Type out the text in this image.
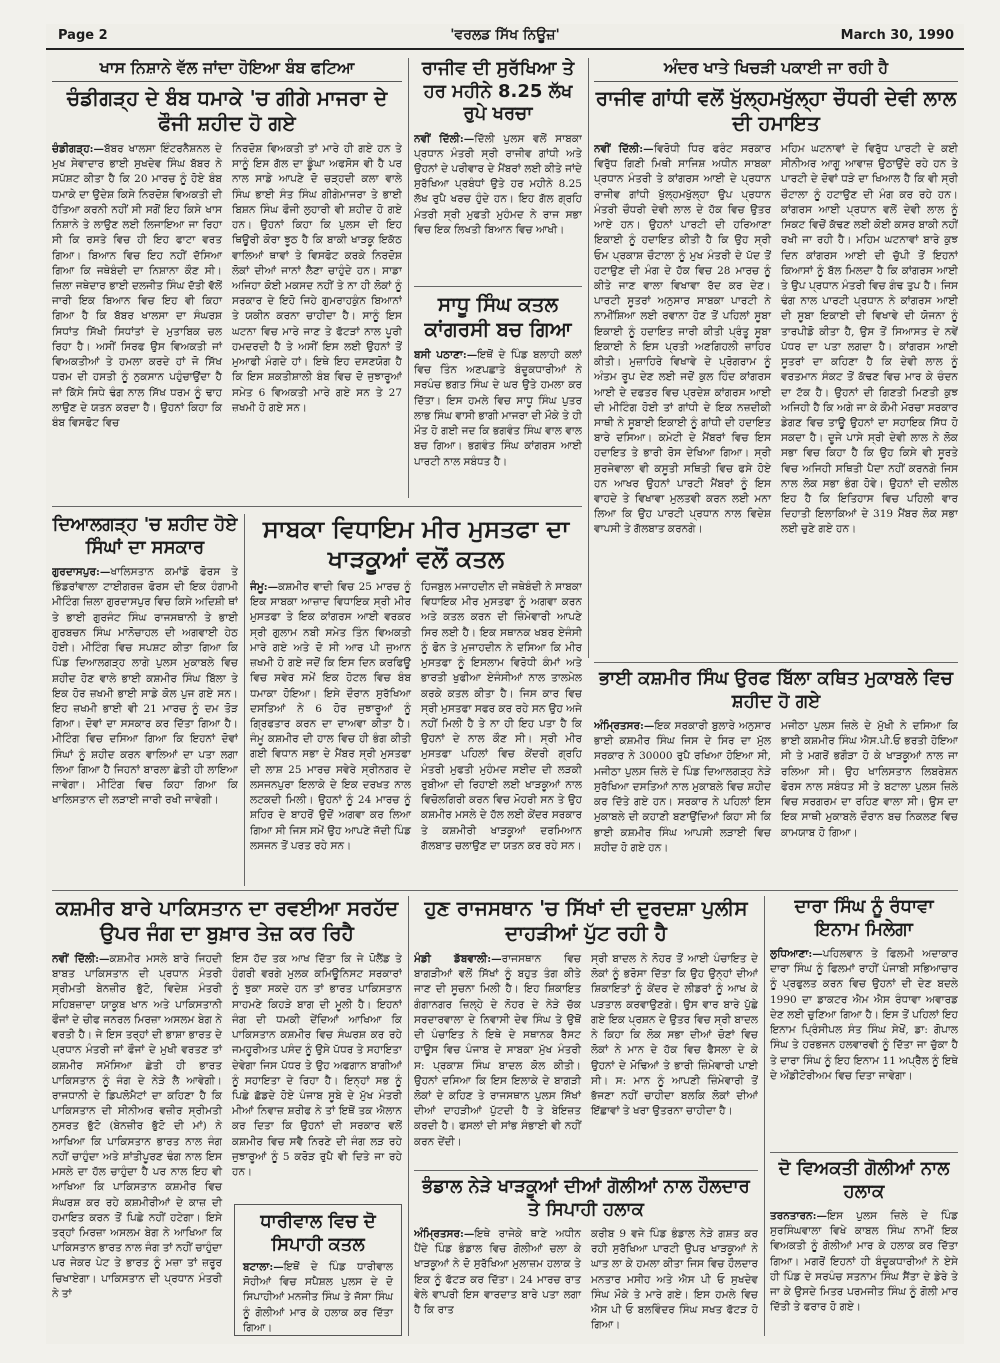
Page 2	'ਵਰਲਡ ਸਿੱਖ ਨਿਊਜ਼'	March 30, 1990
ਖਾਸ ਨਿਸ਼ਾਨੇ ਵੱਲ ਜਾਂਦਾ ਹੋਇਆ ਬੰਬ ਫਟਿਆ
ਚੰਡੀਗੜ੍ਹ ਦੇ ਬੰਬ ਧਮਾਕੇ 'ਚ ਗੀਗੇ ਮਾਜਰਾ ਦੇ ਫੌਜੀ ਸ਼ਹੀਦ ਹੋ ਗਏ

ਚੰਡੀਗੜ੍ਹ:—ਬੱਬਰ ਖਾਲਸਾ ਇੰਟਰਨੈਸ਼ਨਲ ਦੇ ਮੁਖ ਸੇਵਾਦਾਰ ਭਾਈ ਸੁਖਦੇਵ ਸਿੰਘ ਬੱਬਰ ਨੇ ਸਪੱਸ਼ਟ ਕੀਤਾ ਹੈ ਕਿ 20 ਮਾਰਚ ਨੂੰ ਹੋਏ ਬੰਬ ਧਮਾਕੇ ਦਾ ਉਦੇਸ਼ ਕਿਸੇ ਨਿਰਦੋਸ਼ ਵਿਅਕਤੀ ਦੀ ਹੱਤਿਆ ਕਰਨੀ ਨਹੀਂ ਸੀ ਸਗੋਂ ਇਹ ਕਿਸੇ ਖਾਸ ਨਿਸ਼ਾਨੇ ਤੇ ਲਾਉਣ ਲਈ ਲਿਜਾਇਆ ਜਾ ਰਿਹਾ ਸੀ ਕਿ ਰਸਤੇ ਵਿਚ ਹੀ ਇਹ ਫਾਟਾ ਵਰਤ ਗਿਆ। ਬਿਆਨ ਵਿਚ ਇਹ ਨਹੀਂ ਦੱਸਿਆ ਗਿਆ ਕਿ ਜਥੇਬੰਦੀ ਦਾ ਨਿਸ਼ਾਨਾ ਕੌਣ ਸੀ। ਜ਼ਿਲਾ ਜਥੇਦਾਰ ਭਾਈ ਦਲਜੀਤ ਸਿੰਘ ਦੱਤੀ ਵੱਲੋਂ ਜਾਰੀ ਇਕ ਬਿਆਨ ਵਿਚ ਇਹ ਵੀ ਕਿਹਾ ਗਿਆ ਹੈ ਕਿ ਬੱਬਰ ਖਾਲਸਾ ਦਾ ਸੰਘਰਸ਼ ਸਿਧਾਂਤ ਸਿੱਖੀ ਸਿਧਾਂਤਾਂ ਦੇ ਮੁਤਾਬਿਕ ਚਲ ਰਿਹਾ ਹੈ। ਅਸੀਂ ਸਿਰਫ ਉਸ ਵਿਅਕਤੀ ਜਾਂ ਵਿਅਕਤੀਆਂ ਤੇ ਹਮਲਾ ਕਰਦੇ ਹਾਂ ਜੋ ਸਿੱਖ ਧਰਮ ਦੀ ਹਸਤੀ ਨੂੰ ਨੁਕਸਾਨ ਪਹੁੰਚਾਉਂਦਾ ਹੈ ਜਾਂ ਕਿੱਸੇ ਸਿਧੇ ਢੰਗ ਨਾਲ ਸਿੱਖ ਧਰਮ ਨੂੰ ਢਾਹ ਲਾਉਣ ਦੇ ਯਤਨ ਕਰਦਾ ਹੈ। ਉਹਨਾਂ ਕਿਹਾ ਕਿ ਬੰਬ ਵਿਸਫੋਟ ਵਿਚ

ਨਿਰਦੋਸ਼ ਵਿਅਕਤੀ ਤਾਂ ਮਾਰੇ ਹੀ ਗਏ ਹਨ ਤੇ ਸਾਨੂੰ ਇਸ ਗੱਲ ਦਾ ਡੂੰਘਾ ਅਫਸੋਸ ਵੀ ਹੈ ਪਰ ਨਾਲ ਸਾਡੇ ਆਪਣੇ ਦੋ ਚੜ੍ਹਦੀ ਕਲਾ ਵਾਲੇ ਸਿੰਘ ਭਾਈ ਸੰਤ ਸਿੰਘ ਗੀਗੇਮਾਜਰਾ ਤੇ ਭਾਈ ਬਿਸ਼ਨ ਸਿੰਘ ਫੌਜੀ ਲੁਹਾਰੀ ਵੀ ਸ਼ਹੀਦ ਹੋ ਗਏ ਹਨ। ਉਹਨਾਂ ਕਿਹਾ ਕਿ ਪੁਲਸ ਦੀ ਇਹ ਥਿਊਰੀ ਕੋਰਾ ਝੂਠ ਹੈ ਕਿ ਬਾਕੀ ਖਾੜਕੂ ਇਕੱਠ ਵਾਲਿਆਂ ਥਾਵਾਂ ਤੇ ਵਿਸਫੋਟ ਕਰਕੇ ਨਿਰਦੋਸ਼ ਲੋਕਾਂ ਦੀਆਂ ਜਾਨਾਂ ਲੈਣਾ ਚਾਹੁੰਦੇ ਹਨ। ਸਾਡਾ ਅਜਿਹਾ ਕੋਈ ਮਕਸਦ ਨਹੀਂ ਤੇ ਨਾ ਹੀ ਲੋਕਾਂ ਨੂੰ ਸਰਕਾਰ ਦੇ ਇਹੋ ਜਿਹੇ ਗੁਮਰਾਹਕੁੰਨ ਬਿਆਨਾਂ ਤੇ ਯਕੀਨ ਕਰਨਾ ਚਾਹੀਦਾ ਹੈ। ਸਾਨੂੰ ਇਸ ਘਟਨਾ ਵਿਚ ਮਾਰੇ ਜਾਣ ਤੇ ਫੱਟੜਾਂ ਨਾਲ ਪੂਰੀ ਹਮਦਰਦੀ ਹੈ ਤੇ ਅਸੀਂ ਇਸ ਲਈ ਉਹਨਾਂ ਤੋਂ ਮੁਆਫੀ ਮੰਗਦੇ ਹਾਂ। ਇਥੇ ਇਹ ਦਸਣਯੋਗ ਹੈ ਕਿ ਇਸ ਸ਼ਕਤੀਸ਼ਾਲੀ ਬੰਬ ਵਿਚ ਦੋ ਜੁਝਾਰੂਆਂ ਸਮੇਤ 6 ਵਿਅਕਤੀ ਮਾਰੇ ਗਏ ਸਨ ਤੇ 27 ਜ਼ਖਮੀ ਹੋ ਗਏ ਸਨ।

ਰਾਜੀਵ ਦੀ ਸੁਰੱਖਿਆ ਤੇ ਹਰ ਮਹੀਨੇ 8.25 ਲੱਖ ਰੁਪੇ ਖਰਚਾ

ਨਵੀਂ ਦਿੱਲੀ:—ਦਿੱਲੀ ਪੁਲਸ ਵਲੋਂ ਸਾਬਕਾ ਪ੍ਰਧਾਨ ਮੰਤਰੀ ਸ੍ਰੀ ਰਾਜੀਵ ਗਾਂਧੀ ਅਤੇ ਉਹਨਾਂ ਦੇ ਪਰੀਵਾਰ ਦੇ ਮੈਂਬਰਾਂ ਲਈ ਕੀਤੇ ਜਾਂਦੇ ਸੁਰੱਖਿਆ ਪ੍ਰਬੰਧਾਂ ਉਤੇ ਹਰ ਮਹੀਨੇ 8.25 ਲੱਖ ਰੁਪੈ ਖਰਚ ਹੁੰਦੇ ਹਨ। ਇਹ ਗੱਲ ਗ੍ਰਹਿ ਮੰਤਰੀ ਸ੍ਰੀ ਮੁਫਤੀ ਮੁਹੰਮਦ ਨੇ ਰਾਜ ਸਭਾ ਵਿਚ ਇਕ ਲਿਖਤੀ ਬਿਆਨ ਵਿਚ ਆਖੀ।

ਸਾਧੂ ਸਿੰਘ ਕਤਲ ਕਾਂਗਰਸੀ ਬਚ ਗਿਆ

ਬਸੀ ਪਠਾਣਾ:—ਇਥੋਂ ਦੇ ਪਿੰਡ ਬਲਾਹੀ ਕਲਾਂ ਵਿਚ ਤਿੰਨ ਅਣਪਛਾਤੇ ਬੰਦੂਕਧਾਰੀਆਂ ਨੇ ਸਰਪੰਚ ਭਗਤ ਸਿੰਘ ਦੇ ਘਰ ਉਤੇ ਹਮਲਾ ਕਰ ਦਿੱਤਾ। ਇਸ ਹਮਲੇ ਵਿਚ ਸਾਧੂ ਸਿੰਘ ਪੁਤਰ ਲਾਭ ਸਿੰਘ ਵਾਸੀ ਭਾਗੀ ਮਾਜਰਾ ਦੀ ਮੌਕੇ ਤੇ ਹੀ ਮੌਤ ਹੋ ਗਈ ਜਦ ਕਿ ਭਗਵੰਤ ਸਿੰਘ ਵਾਲ ਵਾਲ ਬਚ ਗਿਆ। ਭਗਵੰਤ ਸਿੰਘ ਕਾਂਗਰਸ ਆਈ ਪਾਰਟੀ ਨਾਲ ਸਬੰਧਤ ਹੈ।

ਅੰਦਰ ਖਾਤੇ ਖਿਚੜੀ ਪਕਾਈ ਜਾ ਰਹੀ ਹੈ
ਰਾਜੀਵ ਗਾਂਧੀ ਵਲੋਂ ਖੁੱਲ੍ਹਮਖੁੱਲ੍ਹਾ ਚੌਧਰੀ ਦੇਵੀ ਲਾਲ ਦੀ ਹਮਾਇਤ

ਨਵੀਂ ਦਿੱਲੀ:—ਵਿਰੋਧੀ ਧਿਰ ਫਰੰਟ ਸਰਕਾਰ ਵਿਰੁੱਧ ਗਿਣੀ ਮਿਥੀ ਸਾਜਿਸ਼ ਅਧੀਨ ਸਾਬਕਾ ਪ੍ਰਧਾਨ ਮੰਤਰੀ ਤੇ ਕਾਂਗਰਸ ਆਈ ਦੇ ਪ੍ਰਧਾਨ ਰਾਜੀਵ ਗਾਂਧੀ ਖੁੱਲ੍ਹਮਖੁੱਲ੍ਹਾ ਉਪ ਪ੍ਰਧਾਨ ਮੰਤਰੀ ਚੌਧਰੀ ਦੇਵੀ ਲਾਲ ਦੇ ਹੱਕ ਵਿਚ ਉਤਰ ਆਏ ਹਨ। ਉਹਨਾਂ ਪਾਰਟੀ ਦੀ ਹਰਿਆਣਾ ਇਕਾਈ ਨੂੰ ਹਦਾਇਤ ਕੀਤੀ ਹੈ ਕਿ ਉਹ ਸ੍ਰੀ ਓਮ ਪ੍ਰਕਾਸ਼ ਚੌਟਾਲਾ ਨੂੰ ਮੁਖ ਮੰਤਰੀ ਦੇ ਪੱਦ ਤੋਂ ਹਟਾਉਣ ਦੀ ਮੰਗ ਦੇ ਹੱਕ ਵਿਚ 28 ਮਾਰਚ ਨੂੰ ਕੀਤੇ ਜਾਣ ਵਾਲਾ ਵਿਖਾਵਾ ਰੱਦ ਕਰ ਦੇਣ। ਪਾਰਟੀ ਸੂਤਰਾਂ ਅਨੁਸਾਰ ਸਾਬਕਾ ਪਾਰਟੀ ਨੇ ਨਾਮੀਂਸ਼ਿਆ ਲਈ ਰਵਾਨਾ ਹੋਣ ਤੋਂ ਪਹਿਲਾਂ ਸੂਬਾ ਇਕਾਈ ਨੂੰ ਹਦਾਇਤ ਜਾਰੀ ਕੀਤੀ ਪ੍ਰੰਤੂ ਸੂਬਾ ਇਕਾਈ ਨੇ ਇਸ ਪ੍ਰਤੀ ਅਣਗਿਹਲੀ ਜ਼ਾਹਿਰ ਕੀਤੀ। ਮੁਜ਼ਾਹਿਰੇ ਵਿਖਾਵੇ ਦੇ ਪ੍ਰੋਗਰਾਮ ਨੂੰ ਅੰਤਮ ਰੂਪ ਦੇਣ ਲਈ ਜਦੋਂ ਕੁਲ ਹਿੰਦ ਕਾਂਗਰਸ ਆਈ ਦੇ ਦਫਤਰ ਵਿਚ ਪ੍ਰਦੇਸ਼ ਕਾਂਗਰਸ ਆਈ ਦੀ ਮੀਟਿੰਗ ਹੋਈ ਤਾਂ ਗਾਂਧੀ ਦੇ ਇਕ ਨਜ਼ਦੀਕੀ ਸਾਥੀ ਨੇ ਸੂਬਾਈ ਇਕਾਈ ਨੂੰ ਗਾਂਧੀ ਦੀ ਹਦਾਇਤ ਬਾਰੇ ਦਸਿਆ। ਕਮੇਟੀ ਦੇ ਮੈਂਬਰਾਂ ਵਿਚ ਇਸ ਹਦਾਇਤ ਤੇ ਭਾਰੀ ਰੋਸ ਦੇਖਿਆ ਗਿਆ। ਸ੍ਰੀ ਸੁਰਜੇਵਾਲਾ ਵੀ ਕਸੂਤੀ ਸਥਿਤੀ ਵਿਚ ਫਸੇ ਹੋਏ ਹਨ ਆਖਰ ਉਹਨਾਂ ਪਾਰਟੀ ਮੈਂਬਰਾਂ ਨੂੰ ਇਸ ਵਾਹਦੇ ਤੇ ਵਿਖਾਵਾ ਮੁਲਤਵੀ ਕਰਨ ਲਈ ਮਨਾ ਲਿਆ ਕਿ ਉਹ ਪਾਰਟੀ ਪ੍ਰਧਾਨ ਨਾਲ ਵਿਦੇਸ਼ ਵਾਪਸੀ ਤੇ ਗੱਲਬਾਤ ਕਰਨਗੇ।

ਮਹਿਮ ਘਟਨਾਵਾਂ ਦੇ ਵਿਰੁੱਧ ਪਾਰਟੀ ਦੇ ਕਈ ਸੀਨੀਅਰ ਆਗੂ ਆਵਾਜ਼ ਉਠਾਉਂਦੇ ਰਹੇ ਹਨ ਤੇ ਪਾਰਟੀ ਦੇ ਦੋਵਾਂ ਧੜੇ ਦਾ ਖਿਆਲ ਹੈ ਕਿ ਵੀ ਸ੍ਰੀ ਚੌਟਾਲਾ ਨੂੰ ਹਟਾਉਣ ਦੀ ਮੰਗ ਕਰ ਰਹੇ ਹਨ। ਕਾਂਗਰਸ ਆਈ ਪ੍ਰਧਾਨ ਵਲੋਂ ਦੇਵੀ ਲਾਲ ਨੂੰ ਸਿਕਟ ਵਿਚੋਂ ਕੱਢਣ ਲਈ ਕੋਈ ਕਸਰ ਬਾਕੀ ਨਹੀਂ ਰਖੀ ਜਾ ਰਹੀ ਹੈ। ਮਹਿਮ ਘਟਨਾਵਾਂ ਬਾਰੇ ਕੁਝ ਦਿਨ ਕਾਂਗਰਸ ਆਈ ਦੀ ਚੁੱਪੀ ਤੋਂ ਇਹਨਾਂ ਕਿਆਸਾਂ ਨੂੰ ਬੱਲ ਮਿਲਦਾ ਹੈ ਕਿ ਕਾਂਗਰਸ ਆਈ ਤੇ ਉਪ ਪ੍ਰਧਾਨ ਮੰਤਰੀ ਵਿਚ ਗੰਢ ਤੁਪ ਹੈ। ਜਿਸ ਢੰਗ ਨਾਲ ਪਾਰਟੀ ਪ੍ਰਧਾਨ ਨੇ ਕਾਂਗਰਸ ਆਈ ਦੀ ਸੂਬਾ ਇਕਾਈ ਦੀ ਵਿਖਾਵੇ ਦੀ ਯੋਜਨਾ ਨੂੰ ਤਾਰਪੀਡੋ ਕੀਤਾ ਹੈ, ਉਸ ਤੋਂ ਸਿਆਸਤ ਦੇ ਨਵੇਂ ਪੱਧਰ ਦਾ ਪਤਾ ਲਗਦਾ ਹੈ। ਕਾਂਗਰਸ ਆਈ ਸੂਤਰਾਂ ਦਾ ਕਹਿਣਾ ਹੈ ਕਿ ਦੇਵੀ ਲਾਲ ਨੂੰ ਵਰਤਮਾਨ ਸੰਕਟ ਤੋਂ ਕੱਢਣ ਵਿਚ ਮਾਰ ਕੇ ਚੰਦਨ ਦਾ ਟੱਕ ਹੈ। ਉਹਨਾਂ ਦੀ ਗਿਣਤੀ ਮਿਣਤੀ ਕੁਝ ਅਜਿਹੀ ਹੈ ਕਿ ਅਗੇ ਜਾ ਕੇ ਕੌਮੀ ਮੋਰਚਾ ਸਰਕਾਰ ਡੇਗਣ ਵਿਚ ਤਾਊ ਉਹਨਾਂ ਦਾ ਸਹਾਇਕ ਸਿੱਧ ਹੋ ਸਕਦਾ ਹੈ। ਦੂਜੇ ਪਾਸੇ ਸ੍ਰੀ ਦੇਵੀ ਲਾਲ ਨੇ ਲੋਕ ਸਭਾ ਵਿਚ ਕਿਹਾ ਹੈ ਕਿ ਉਹ ਕਿਸੇ ਵੀ ਸੂਰਤੇ ਵਿਚ ਅਜਿਹੀ ਸਥਿਤੀ ਪੈਦਾ ਨਹੀਂ ਕਰਨਗੇ ਜਿਸ ਨਾਲ ਲੋਕ ਸਭਾ ਭੰਗ ਹੋਵੇ। ਉਹਨਾਂ ਦੀ ਦਲੀਲ ਇਹ ਹੈ ਕਿ ਇਤਿਹਾਸ ਵਿਚ ਪਹਿਲੀ ਵਾਰ ਦਿਹਾਤੀ ਇਲਾਕਿਆਂ ਦੇ 319 ਮੈਂਬਰ ਲੋਕ ਸਭਾ ਲਈ ਚੁਣੇ ਗਏ ਹਨ।

ਦਿਆਲਗੜ੍ਹ 'ਚ ਸ਼ਹੀਦ ਹੋਏ ਸਿੰਘਾਂ ਦਾ ਸਸਕਾਰ

ਗੁਰਦਾਸਪੁਰ:—ਖਾਲਿਸਤਾਨ ਕਮਾਂਡੋ ਫੋਰਸ ਤੇ ਭਿੰਡਰਾਂਵਾਲਾ ਟਾਈਗਰਜ਼ ਫੋਰਸ ਦੀ ਇਕ ਹੰਗਾਮੀ ਮੀਟਿੰਗ ਜ਼ਿਲਾ ਗੁਰਦਾਸਪੁਰ ਵਿਚ ਕਿਸੇ ਅਦਿਸ਼ੀ ਥਾਂ ਤੇ ਭਾਈ ਗੁਰਜੰਟ ਸਿੰਘ ਰਾਜਸਥਾਨੀ ਤੇ ਭਾਈ ਗੁਰਬਚਨ ਸਿੰਘ ਮਾਨੋਚਾਹਲ ਦੀ ਅਗਵਾਈ ਹੇਠ ਹੋਈ। ਮੀਟਿੰਗ ਵਿਚ ਸਪਸ਼ਟ ਕੀਤਾ ਗਿਆ ਕਿ ਪਿੰਡ ਦਿਆਲਗੜ੍ਹ ਲਾਗੇ ਪੁਲਸ ਮੁਕਾਬਲੇ ਵਿਚ ਸ਼ਹੀਦ ਹੋਣ ਵਾਲੇ ਭਾਈ ਕਸ਼ਮੀਰ ਸਿੰਘ ਬਿੱਲਾ ਤੇ ਇਕ ਹੋਰ ਜ਼ਖਮੀ ਭਾਈ ਸਾਡੇ ਕੋਲ ਪੁਜ ਗਏ ਸਨ। ਇਹ ਜ਼ਖਮੀ ਭਾਈ ਵੀ 21 ਮਾਰਚ ਨੂੰ ਦਮ ਤੋੜ ਗਿਆ। ਦੋਵਾਂ ਦਾ ਸਸਕਾਰ ਕਰ ਦਿੱਤਾ ਗਿਆ ਹੈ। ਮੀਟਿੰਗ ਵਿਚ ਦਸਿਆ ਗਿਆ ਕਿ ਇਹਨਾਂ ਦੋਵਾਂ ਸਿੰਘਾਂ ਨੂੰ ਸ਼ਹੀਦ ਕਰਨ ਵਾਲਿਆਂ ਦਾ ਪਤਾ ਲਗਾ ਲਿਆ ਗਿਆ ਹੈ ਜਿਹਨਾਂ ਬਾਰਲਾ ਛੇਤੀ ਹੀ ਲਾਇਆ ਜਾਵੇਗਾ। ਮੀਟਿੰਗ ਵਿਚ ਕਿਹਾ ਗਿਆ ਕਿ ਖਾਲਿਸਤਾਨ ਦੀ ਲੜਾਈ ਜਾਰੀ ਰਖੀ ਜਾਵੇਗੀ।

ਸਾਬਕਾ ਵਿਧਾਇਮ ਮੀਰ ਮੁਸਤਫਾ ਦਾ ਖਾੜਕੂਆਂ ਵਲੋਂ ਕਤਲ

ਜੰਮੂ:—ਕਸ਼ਮੀਰ ਵਾਦੀ ਵਿਚ 25 ਮਾਰਚ ਨੂੰ ਇਕ ਸਾਬਕਾ ਆਜ਼ਾਦ ਵਿਧਾਇਕ ਸ੍ਰੀ ਮੀਰ ਮੁਸਤਫਾ ਤੇ ਇਕ ਕਾਂਗਰਸ ਆਈ ਵਰਕਰ ਸ੍ਰੀ ਗੁਲਾਮ ਨਬੀ ਸਮੇਤ ਤਿੰਨ ਵਿਅਕਤੀ ਮਾਰੇ ਗਏ ਅਤੇ ਦੋ ਸੀ ਆਰ ਪੀ ਜੁਆਨ ਜ਼ਖਮੀ ਹੋ ਗਏ ਜਦੋਂ ਕਿ ਇਸ ਦਿਨ ਕਰਫਿਊ ਵਿਚ ਸਵੇਰ ਸਮੇਂ ਇਕ ਹੋਟਲ ਵਿਚ ਬੰਬ ਧਮਾਕਾ ਹੋਇਆ। ਇਸੇ ਦੌਰਾਨ ਸੁਰੱਖਿਆ ਦਸਤਿਆਂ ਨੇ 6 ਹੋਰ ਜੁਝਾਰੂਆਂ ਨੂੰ ਗ੍ਰਿਫਤਾਰ ਕਰਨ ਦਾ ਦਾਅਵਾ ਕੀਤਾ ਹੈ। ਜੰਮੂ ਕਸ਼ਮੀਰ ਦੀ ਹਾਲ ਵਿਚ ਹੀ ਭੰਗ ਕੀਤੀ ਗਈ ਵਿਧਾਨ ਸਭਾ ਦੇ ਮੈਂਬਰ ਸ੍ਰੀ ਮੁਸਤਫਾ ਦੀ ਲਾਸ਼ 25 ਮਾਰਚ ਸਵੇਰੇ ਸ੍ਰੀਨਗਰ ਦੇ ਲਸਜਨਪੁਰਾ ਇਲਾਕੇ ਦੇ ਇਕ ਦਰਖਤ ਨਾਲ ਲਟਕਦੀ ਮਿਲੀ। ਉਹਨਾਂ ਨੂੰ 24 ਮਾਰਚ ਨੂੰ ਸ਼ਹਿਰ ਦੇ ਬਾਹਰੋਂ ਉਦੋਂ ਅਗਵਾ ਕਰ ਲਿਆ ਗਿਆ ਸੀ ਜਿਸ ਸਮੇਂ ਉਹ ਆਪਣੇ ਜੱਦੀ ਪਿੰਡ ਲਸਜਨ ਤੋਂ ਪਰਤ ਰਹੇ ਸਨ।

ਹਿਜਬੁਲ ਮਜਾਹਦੀਨ ਦੀ ਜਥੇਬੰਦੀ ਨੇ ਸਾਬਕਾ ਵਿਧਾਇਕ ਮੀਰ ਮੁਸਤਫਾ ਨੂੰ ਅਗਵਾ ਕਰਨ ਅਤੇ ਕਤਲ ਕਰਨ ਦੀ ਜ਼ਿੰਮੇਵਾਰੀ ਆਪਣੇ ਸਿਰ ਲਈ ਹੈ। ਇਕ ਸਥਾਨਕ ਖਬਰ ਏਜੰਸੀ ਨੂੰ ਫੋਨ ਤੇ ਮੁਜਾਹਦੀਨ ਨੇ ਦਸਿਆ ਕਿ ਮੀਰ ਮੁਸਤਫਾ ਨੂੰ ਇਸਲਾਮ ਵਿਰੋਧੀ ਕੰਮਾਂ ਅਤੇ ਭਾਰਤੀ ਖੁਫੀਆ ਏਜੰਸੀਆਂ ਨਾਲ ਤਾਲਮੇਲ ਕਰਕੇ ਕਤਲ ਕੀਤਾ ਹੈ। ਜਿਸ ਕਾਰ ਵਿਚ ਸ੍ਰੀ ਮੁਸਤਫਾ ਸਫਰ ਕਰ ਰਹੇ ਸਨ ਉਹ ਅਜੇ ਨਹੀਂ ਮਿਲੀ ਹੈ ਤੇ ਨਾ ਹੀ ਇਹ ਪਤਾ ਹੈ ਕਿ ਉਹਨਾਂ ਦੇ ਨਾਲ ਕੌਣ ਸੀ। ਸ੍ਰੀ ਮੀਰ ਮੁਸਤਫਾ ਪਹਿਲਾਂ ਵਿਚ ਕੇਂਦਰੀ ਗ੍ਰਹਿ ਮੰਤਰੀ ਮੁਫਤੀ ਮੁਹੰਮਦ ਸਈਦ ਦੀ ਲੜਕੀ ਰੁਬੀਆ ਦੀ ਰਿਹਾਈ ਲਈ ਖਾੜਕੂਆਂ ਨਾਲ ਵਿਚੋਲਗਿਰੀ ਕਰਨ ਵਿਚ ਮੋਹਰੀ ਸਨ ਤੇ ਉਹ ਕਸ਼ਮੀਰ ਮਸਲੇ ਦੇ ਹੱਲ ਲਈ ਕੇਂਦਰ ਸਰਕਾਰ ਤੇ ਕਸ਼ਮੀਰੀ ਖਾੜਕੂਆਂ ਦਰਮਿਆਨ ਗੱਲਬਾਤ ਚਲਾਉਣ ਦਾ ਯਤਨ ਕਰ ਰਹੇ ਸਨ।

ਭਾਈ ਕਸ਼ਮੀਰ ਸਿੰਘ ਉਰਫ ਬਿੱਲਾ ਕਥਿਤ ਮੁਕਾਬਲੇ ਵਿਚ ਸ਼ਹੀਦ ਹੋ ਗਏ

ਅੰਮ੍ਰਿਤਸਰ:—ਇਕ ਸਰਕਾਰੀ ਬੁਲਾਰੇ ਅਨੁਸਾਰ ਭਾਈ ਕਸ਼ਮੀਰ ਸਿੰਘ ਜਿਸ ਦੇ ਸਿਰ ਦਾ ਮੁੱਲ ਸਰਕਾਰ ਨੇ 30000 ਰੁਪੈ ਰਖਿਆ ਹੋਇਆ ਸੀ, ਮਜੀਠਾ ਪੁਲਸ ਜ਼ਿਲੇ ਦੇ ਪਿੰਡ ਦਿਆਲਗੜ੍ਹ ਨੇੜੇ ਸੁਰੱਖਿਆ ਦਸਤਿਆਂ ਨਾਲ ਮੁਕਾਬਲੇ ਵਿਚ ਸ਼ਹੀਦ ਕਰ ਦਿੱਤੇ ਗਏ ਹਨ। ਸਰਕਾਰ ਨੇ ਪਹਿਲਾਂ ਇਸ ਮੁਕਾਬਲੇ ਦੀ ਕਹਾਣੀ ਬਣਾਉਂਦਿਆਂ ਕਿਹਾ ਸੀ ਕਿ ਭਾਈ ਕਸ਼ਮੀਰ ਸਿੰਘ ਆਪਸੀ ਲੜਾਈ ਵਿਚ ਸ਼ਹੀਦ ਹੋ ਗਏ ਹਨ।

ਮਜੀਠਾ ਪੁਲਸ ਜ਼ਿਲੇ ਦੇ ਮੁੱਖੀ ਨੇ ਦਸਿਆ ਕਿ ਭਾਈ ਕਸ਼ਮੀਰ ਸਿੰਘ ਐਸ.ਪੀ.ਓ ਭਰਤੀ ਹੋਇਆ ਸੀ ਤੇ ਮਗਰੋਂ ਭਗੌੜਾ ਹੋ ਕੇ ਖਾੜਕੂਆਂ ਨਾਲ ਜਾ ਰਲਿਆ ਸੀ। ਉਹ ਖਾਲਿਸਤਾਨ ਲਿਬਰੇਸ਼ਨ ਫੋਰਸ ਨਾਲ ਸਬੰਧਤ ਸੀ ਤੇ ਬਟਾਲਾ ਪੁਲਸ ਜ਼ਿਲੇ ਵਿਚ ਸਰਗਰਮ ਦਾ ਰਹਿਣ ਵਾਲਾ ਸੀ। ਉਸ ਦਾ ਇਕ ਸਾਥੀ ਮੁਕਾਬਲੇ ਦੌਰਾਨ ਬਚ ਨਿਕਲਣ ਵਿਚ ਕਾਮਯਾਬ ਹੋ ਗਿਆ।

ਕਸ਼ਮੀਰ ਬਾਰੇ ਪਾਕਿਸਤਾਨ ਦਾ ਰਵਈਆ ਸਰਹੱਦ ਉਪਰ ਜੰਗ ਦਾ ਬੁਖ਼ਾਰ ਤੇਜ਼ ਕਰ ਰਿਹੈ

ਨਵੀਂ ਦਿੱਲੀ:—ਕਸ਼ਮੀਰ ਮਸਲੇ ਬਾਰੇ ਜਿਹਦੀ ਬਾਬਤ ਪਾਕਿਸਤਾਨ ਦੀ ਪ੍ਰਧਾਨ ਮੰਤਰੀ ਸ੍ਰੀਮਤੀ ਬੇਨਜ਼ੀਰ ਭੁੱਟੋ, ਵਿਦੇਸ਼ ਮੰਤਰੀ ਸਹਿਬਜ਼ਾਦਾ ਯਾਕੂਬ ਖਾਨ ਅਤੇ ਪਾਕਿਸਤਾਨੀ ਫੌਜਾਂ ਦੇ ਚੀਫ ਜਨਰਲ ਮਿਰਜ਼ਾ ਅਸਲਮ ਬੇਗ ਨੇ ਵਰਤੀ ਹੈ। ਜੇ ਇਸ ਤਰ੍ਹਾਂ ਦੀ ਭਾਸ਼ਾ ਭਾਰਤ ਦੇ ਪ੍ਰਧਾਨ ਮੰਤਰੀ ਜਾਂ ਫੌਜਾਂ ਦੇ ਮੁਖੀ ਵਰਤਣ ਤਾਂ ਕਸ਼ਮੀਰ ਸਮੱਸਿਆ ਛੇਤੀ ਹੀ ਭਾਰਤ ਪਾਕਿਸਤਾਨ ਨੂੰ ਜੰਗ ਦੇ ਨੇੜੇ ਲੈ ਆਵੇਗੀ। ਰਾਜਧਾਨੀ ਦੇ ਡਿਪਲੋਮੈਟਾਂ ਦਾ ਕਹਿਣਾ ਹੈ ਕਿ ਪਾਕਿਸਤਾਨ ਦੀ ਸੀਨੀਅਰ ਵਜ਼ੀਰ ਸ੍ਰੀਮਤੀ ਨੁਸਰਤ ਭੁੱਟੋ (ਬੇਨਜ਼ੀਰ ਭੁੱਟੋ ਦੀ ਮਾਂ) ਨੇ ਆਖਿਆ ਕਿ ਪਾਕਿਸਤਾਨ ਭਾਰਤ ਨਾਲ ਜੰਗ ਨਹੀਂ ਚਾਹੁੰਦਾ ਅਤੇ ਸ਼ਾਂਤੀਪੂਰਣ ਢੰਗ ਨਾਲ ਇਸ ਮਸਲੇ ਦਾ ਹੱਲ ਚਾਹੁੰਦਾ ਹੈ ਪਰ ਨਾਲ ਇਹ ਵੀ ਆਖਿਆ ਕਿ ਪਾਕਿਸਤਾਨ ਕਸ਼ਮੀਰ ਵਿਚ ਸੰਘਰਸ਼ ਕਰ ਰਹੇ ਕਸ਼ਮੀਰੀਆਂ ਦੇ ਕਾਜ਼ ਦੀ ਹਮਾਇਤ ਕਰਨ ਤੋਂ ਪਿਛੇ ਨਹੀਂ ਹਟੇਗਾ। ਇਸੇ ਤਰ੍ਹਾਂ ਮਿਰਜ਼ਾ ਅਸਲਮ ਬੇਗ ਨੇ ਆਖਿਆ ਕਿ ਪਾਕਿਸਤਾਨ ਭਾਰਤ ਨਾਲ ਜੰਗ ਤਾਂ ਨਹੀਂ ਚਾਹੁੰਦਾ ਪਰ ਜੇਕਰ ਪੇਟ ਤੇ ਭਾਰਤ ਨੂੰ ਮਜ਼ਾ ਤਾਂ ਜ਼ਰੂਰ ਚਿਖਾਏਗਾ। ਪਾਕਿਸਤਾਨ ਦੀ ਪ੍ਰਧਾਨ ਮੰਤਰੀ ਨੇ ਤਾਂ

ਇਸ ਹੱਦ ਤਕ ਆਖ ਦਿੱਤਾ ਕਿ ਜੇ ਪੋਲੈਂਡ ਤੇ ਹੰਗਰੀ ਵਰਗੇ ਮੁਲਕ ਕਮਿਊਨਿਸਟ ਸਰਕਾਰਾਂ ਨੂੰ ਝੁਕਾ ਸਕਦੇ ਹਨ ਤਾਂ ਭਾਰਤ ਪਾਕਿਸਤਾਨ ਸਾਹਮਣੇ ਕਿਹੜੇ ਬਾਗ ਦੀ ਮੂਲੀ ਹੈ। ਇਹਨਾਂ ਜੰਗ ਦੀ ਧਮਕੀ ਦੇਂਦਿਆਂ ਆਖਿਆ ਕਿ ਪਾਕਿਸਤਾਨ ਕਸ਼ਮੀਰ ਵਿਚ ਸੰਘਰਸ਼ ਕਰ ਰਹੇ ਜਮਹੂਰੀਅਤ ਪਸੰਦ ਨੂੰ ਉਸੇ ਪੱਧਰ ਤੇ ਸਹਾਇਤਾ ਦੇਵੇਗਾ ਜਿਸ ਪੱਧਰ ਤੇ ਉਹ ਅਫਗਾਨ ਬਾਗੀਆਂ ਨੂੰ ਸਹਾਇਤਾ ਦੇ ਰਿਹਾ ਹੈ। ਇਨ੍ਹਾਂ ਸਭ ਨੂੰ ਪਿਛੇ ਛੱਡਦੇ ਹੋਏ ਪੰਜਾਬ ਸੂਬੇ ਦੇ ਮੁੱਖ ਮੰਤਰੀ ਮੀਆਂ ਨਿਵਾਜ਼ ਸ਼ਰੀਫ ਨੇ ਤਾਂ ਇਥੋਂ ਤਕ ਐਲਾਨ ਕਰ ਦਿਤਾ ਕਿ ਉਹਨਾਂ ਦੀ ਸਰਕਾਰ ਵਲੋਂ ਕਸ਼ਮੀਰ ਵਿਚ ਸਵੈ ਨਿਰਣੇ ਦੀ ਜੰਗ ਲੜ ਰਹੇ ਜੁਝਾਰੂਆਂ ਨੂੰ 5 ਕਰੋੜ ਰੁਪੈ ਵੀ ਦਿਤੇ ਜਾ ਰਹੇ ਹਨ।

ਧਾਰੀਵਾਲ ਵਿਚ ਦੋ ਸਿਪਾਹੀ ਕਤਲ

ਬਟਾਲਾ:—ਇਥੋਂ ਦੇ ਪਿੰਡ ਧਾਰੀਵਾਲ ਸੋਹੀਆਂ ਵਿਚ ਸਪੈਸ਼ਲ ਪੁਲਸ ਦੇ ਦੋ ਸਿਪਾਹੀਆਂ ਮਨਜੀਤ ਸਿੰਘ ਤੇ ਜੱਸਾ ਸਿੰਘ ਨੂੰ ਗੋਲੀਆਂ ਮਾਰ ਕੇ ਹਲਾਕ ਕਰ ਦਿੱਤਾ ਗਿਆ।

ਹੁਣ ਰਾਜਸਥਾਨ 'ਚ ਸਿੱਖਾਂ ਦੀ ਦੁਰਦਸ਼ਾ ਪੁਲੀਸ ਦਾਹੜੀਆਂ ਪੁੱਟ ਰਹੀ ਹੈ

ਮੰਡੀ ਡੱਬਵਾਲੀ:—ਰਾਜਸਥਾਨ ਵਿਚ ਬਾਗੜੀਆਂ ਵਲੋਂ ਸਿੱਖਾਂ ਨੂੰ ਬਹੁਤ ਤੰਗ ਕੀਤੇ ਜਾਣ ਦੀ ਸੂਚਨਾ ਮਿਲੀ ਹੈ। ਇਹ ਸ਼ਿਕਾਇਤ ਗੰਗਾਨਗਰ ਜ਼ਿਲ੍ਹੇ ਦੇ ਨੋਹਰ ਦੇ ਨੇੜੇ ਚੱਕ ਸਰਦਾਰਵਾਲਾ ਦੇ ਨਿਵਾਸੀ ਦੇਵ ਸਿੰਘ ਤੇ ਉਥੋਂ ਦੀ ਪੰਚਾਇਤ ਨੇ ਇਥੇ ਦੇ ਸਥਾਨਕ ਰੈਸਟ ਹਾਊਸ ਵਿਚ ਪੰਜਾਬ ਦੇ ਸਾਬਕਾ ਮੁੱਖ ਮੰਤਰੀ ਸ: ਪ੍ਰਕਾਸ਼ ਸਿੰਘ ਬਾਦਲ ਕੋਲ ਕੀਤੀ। ਉਹਨਾਂ ਦਸਿਆ ਕਿ ਇਸ ਇਲਾਕੇ ਦੇ ਬਾਗੜੀ ਲੋਕਾਂ ਦੇ ਕਹਿਣ ਤੇ ਰਾਜਸਥਾਨ ਪੁਲਸ ਸਿੱਖਾਂ ਦੀਆਂ ਦਾਹੜੀਆਂ ਪੁੱਟਦੀ ਹੈ ਤੇ ਬੇਇਜ਼ਤ ਕਰਦੀ ਹੈ। ਫਸਲਾਂ ਦੀ ਸਾਂਭ ਸੰਭਾਈ ਵੀ ਨਹੀਂ ਕਰਨ ਦੇਂਦੀ।

ਸ੍ਰੀ ਬਾਦਲ ਨੇ ਨੋਹਰ ਤੋਂ ਆਈ ਪੰਚਾਇਤ ਦੇ ਲੋਕਾਂ ਨੂੰ ਭਰੋਸਾ ਦਿੱਤਾ ਕਿ ਉਹ ਉਨ੍ਹਾਂ ਦੀਆਂ ਸ਼ਿਕਾਇਤਾਂ ਨੂੰ ਕੇਂਦਰ ਦੇ ਲੀਡਰਾਂ ਨੂੰ ਆਖ ਕੇ ਪੜਤਾਲ ਕਰਵਾਉਣਗੇ। ਉਸ ਵਾਰ ਬਾਰੇ ਪੁੱਛੇ ਗਏ ਇਕ ਪ੍ਰਸ਼ਨ ਦੇ ਉਤਰ ਵਿਚ ਸ੍ਰੀ ਬਾਦਲ ਨੇ ਕਿਹਾ ਕਿ ਲੋਕ ਸਭਾ ਦੀਆਂ ਚੋਣਾਂ ਵਿਚ ਲੋਕਾਂ ਨੇ ਮਾਨ ਦੇ ਹੱਕ ਵਿਚ ਫੈਸਲਾ ਦੇ ਕੇ ਉਹਨਾਂ ਦੇ ਮੋਢਿਆਂ ਤੇ ਭਾਰੀ ਜ਼ਿੰਮੇਵਾਰੀ ਪਾਈ ਸੀ। ਸ: ਮਾਨ ਨੂੰ ਆਪਣੀ ਜ਼ਿੰਮੇਵਾਰੀ ਤੋਂ ਭੱਜਣਾ ਨਹੀਂ ਚਾਹੀਦਾ ਬਲਕਿ ਲੋਕਾਂ ਦੀਆਂ ਇੱਛਾਵਾਂ ਤੇ ਖਰਾ ਉਤਰਨਾ ਚਾਹੀਦਾ ਹੈ।

ਭੰਡਾਲ ਨੇੜੇ ਖਾੜਕੂਆਂ ਦੀਆਂ ਗੋਲੀਆਂ ਨਾਲ ਹੌਲਦਾਰ ਤੇ ਸਿਪਾਹੀ ਹਲਾਕ

ਅੰਮ੍ਰਿਤਸਰ:—ਇਥੇ ਰਾਜੇਕੇ ਥਾਣੇ ਅਧੀਨ ਪੈਂਦੇ ਪਿੰਡ ਭੰਡਾਲ ਵਿਚ ਗੋਲੀਆਂ ਚਲਾ ਕੇ ਖਾੜਕੂਆਂ ਨੇ ਦੋ ਸੁਰੱਖਿਆ ਮੁਲਾਜ਼ਮ ਹਲਾਕ ਤੇ ਇਕ ਨੂੰ ਫੱਟੜ ਕਰ ਦਿੱਤਾ। 24 ਮਾਰਚ ਰਾਤ ਵੇਲੇ ਵਾਪਰੀ ਇਸ ਵਾਰਦਾਤ ਬਾਰੇ ਪਤਾ ਲਗਾ ਹੈ ਕਿ ਰਾਤ

ਕਰੀਬ 9 ਵਜੇ ਪਿੰਡ ਭੰਡਾਲ ਨੇੜੇ ਗਸ਼ਤ ਕਰ ਰਹੀ ਸੁਰੱਖਿਆ ਪਾਰਟੀ ਉਪਰ ਖਾੜਕੂਆਂ ਨੇ ਘਾਤ ਲਾ ਕੇ ਹਮਲਾ ਕੀਤਾ ਜਿਸ ਵਿਚ ਹੌਲਦਾਰ ਮਨਤਾਰ ਮਸੀਹ ਅਤੇ ਐਸ ਪੀ ਓ ਸੁਖਦੇਵ ਸਿੰਘ ਮੌਕੇ ਤੇ ਮਾਰੇ ਗਏ। ਇਸ ਹਮਲੇ ਵਿਚ ਐਸ ਪੀ ਓ ਬਲਵਿੰਦਰ ਸਿੰਘ ਸਖਤ ਫੱਟੜ ਹੋ ਗਿਆ।

ਦਾਰਾ ਸਿੰਘ ਨੂੰ ਰੰਧਾਵਾ ਇਨਾਮ ਮਿਲੇਗਾ

ਲੁਧਿਆਣਾ:—ਪਹਿਲਵਾਨ ਤੇ ਫਿਲਮੀ ਅਦਾਕਾਰ ਦਾਰਾ ਸਿੰਘ ਨੂੰ ਫਿਲਮਾਂ ਰਾਹੀਂ ਪੰਜਾਬੀ ਸਭਿਆਚਾਰ ਨੂੰ ਪ੍ਰਫੁਲਤ ਕਰਨ ਵਿਚ ਉਹਨਾਂ ਦੀ ਦੇਣ ਬਦਲੇ 1990 ਦਾ ਡਾਕਟਰ ਐਮ ਐਸ ਰੰਧਾਵਾ ਅਵਾਰਡ ਦੇਣ ਲਈ ਚੁਣਿਆ ਗਿਆ ਹੈ। ਇਸ ਤੋਂ ਪਹਿਲਾਂ ਇਹ ਇਨਾਮ ਪ੍ਰਿੰਸੀਪਲ ਸੰਤ ਸਿੰਘ ਸੇਖੋਂ, ਡਾ: ਗੋਪਾਲ ਸਿੰਘ ਤੇ ਹਰਭਜਨ ਹਲਵਾਰਵੀ ਨੂੰ ਦਿੱਤਾ ਜਾ ਚੁੱਕਾ ਹੈ ਤੇ ਦਾਰਾ ਸਿੰਘ ਨੂੰ ਇਹ ਇਨਾਮ 11 ਅਪ੍ਰੈਲ ਨੂੰ ਇਥੇ ਦੇ ਔਡੀਟੋਰੀਅਮ ਵਿਚ ਦਿਤਾ ਜਾਵੇਗਾ।

ਦੋ ਵਿਅਕਤੀ ਗੋਲੀਆਂ ਨਾਲ ਹਲਾਕ

ਤਰਨਤਾਰਨ:—ਇਸ ਪੁਲਸ ਜ਼ਿਲੇ ਦੇ ਪਿੰਡ ਸੁਰਸਿੰਘਵਾਲਾ ਵਿਖੇ ਕਾਬਲ ਸਿੰਘ ਨਾਮੀਂ ਇਕ ਵਿਅਕਤੀ ਨੂੰ ਗੋਲੀਆਂ ਮਾਰ ਕੇ ਹਲਾਕ ਕਰ ਦਿੱਤਾ ਗਿਆ। ਮਗਰੋਂ ਇਹਨਾਂ ਹੀ ਬੰਦੂਕਧਾਰੀਆਂ ਨੇ ਏਸੇ ਹੀ ਪਿੰਡ ਦੇ ਸਰਪੰਚ ਸਤਨਾਮ ਸਿੰਘ ਸੈਂਤਾ ਦੇ ਡੇਰੇ ਤੇ ਜਾ ਕੇ ਉਸਦੇ ਮਿਤਰ ਪਰਮਜੀਤ ਸਿੰਘ ਨੂੰ ਗੋਲੀ ਮਾਰ ਦਿੱਤੀ ਤੇ ਫਰਾਰ ਹੋ ਗਏ।
